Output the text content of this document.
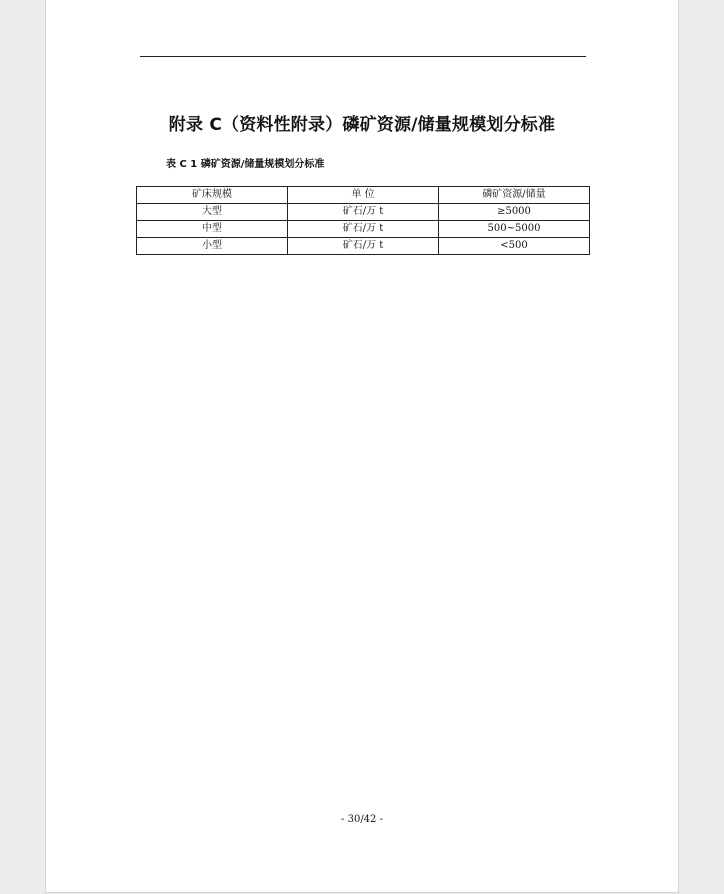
附录 C（资料性附录）磷矿资源/储量规模划分标准
表 C 1 磷矿资源/储量规模划分标准
矿床规模	单 位	磷矿资源/储量
大型	矿石/万 t	≥5000
中型	矿石/万 t	500~5000
小型	矿石/万 t	<500
- 30/42 -
